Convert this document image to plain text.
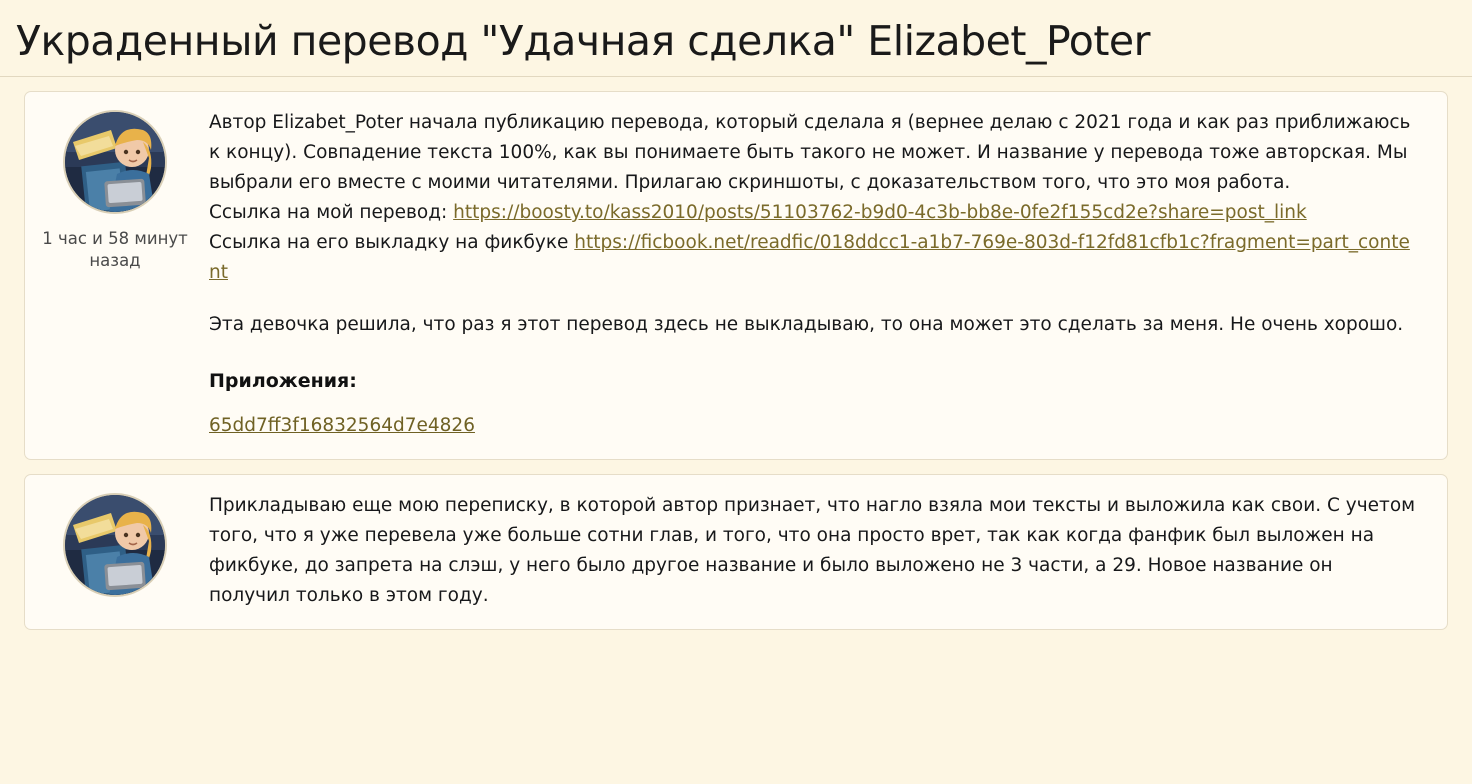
Украденный перевод "Удачная сделка" Elizabet_Poter
1 час и 58 минут назад

Автор Elizabet_Poter начала публикацию перевода, который сделала я (вернее делаю с 2021 года и как раз приближаюсь к концу). Совпадение текста 100%, как вы понимаете быть такого не может. И название у перевода тоже авторская. Мы выбрали его вместе с моими читателями. Прилагаю скриншоты, с доказательством того, что это моя работа.

Ссылка на мой перевод: https://boosty.to/kass2010/posts/51103762-b9d0-4c3b-bb8e-0fe2f155cd2e?share=post_link

Ссылка на его выкладку на фикбуке https://ficbook.net/readfic/018ddcc1-a1b7-769e-803d-f12fd81cfb1c?fragment=part_content

Эта девочка решила, что раз я этот перевод здесь не выкладываю, то она может это сделать за меня. Не очень хорошо.

Приложения:
65dd7ff3f16832564d7e4826

Прикладываю еще мою переписку, в которой автор признает, что нагло взяла мои тексты и выложила как свои. С учетом того, что я уже перевела уже больше сотни глав, и того, что она просто врет, так как когда фанфик был выложен на фикбуке, до запрета на слэш, у него было другое название и было выложено не 3 части, а 29. Новое название он получил только в этом году.
